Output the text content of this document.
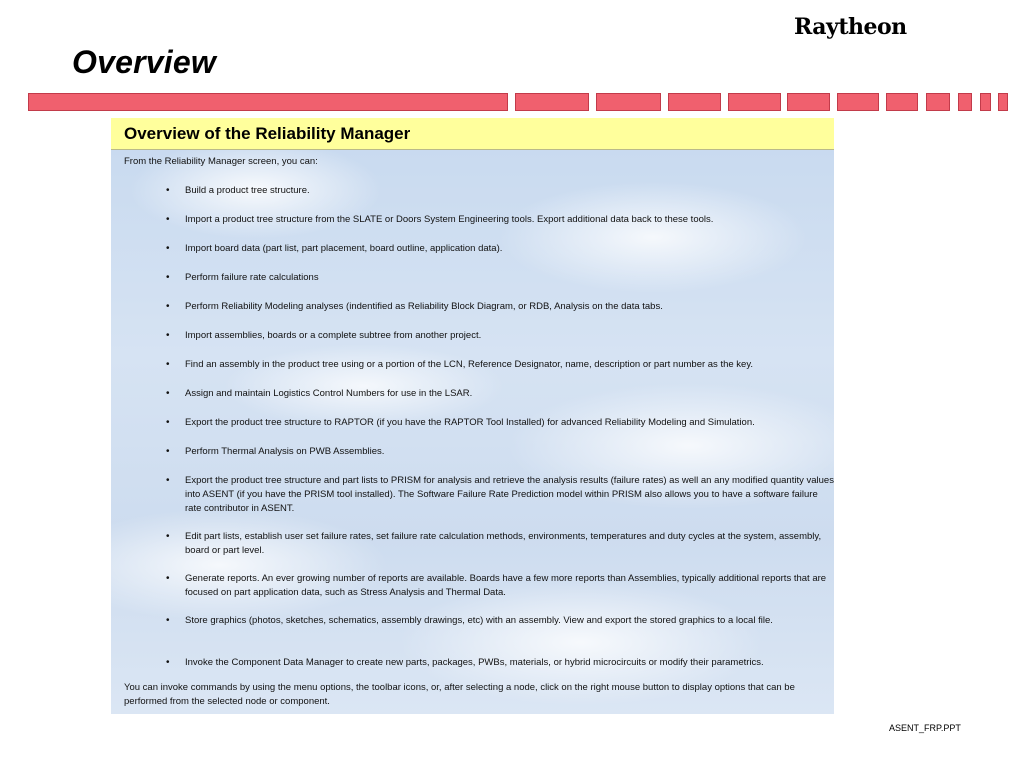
Overview
Raytheon
Overview of the Reliability Manager

From the Reliability Manager screen, you can:

• Build a product tree structure.
• Import a product tree structure from the SLATE or Doors System Engineering tools. Export additional data back to these tools.
• Import board data (part list, part placement, board outline, application data).
• Perform failure rate calculations
• Perform Reliability Modeling analyses (indentified as Reliability Block Diagram, or RDB, Analysis on the data tabs.
• Import assemblies, boards or a complete subtree from another project.
• Find an assembly in the product tree using or a portion of the LCN, Reference Designator, name, description or part number as the key.
• Assign and maintain Logistics Control Numbers for use in the LSAR.
• Export the product tree structure to RAPTOR (if you have the RAPTOR Tool Installed) for advanced Reliability Modeling and Simulation.
• Perform Thermal Analysis on PWB Assemblies.
• Export the product tree structure and part lists to PRISM for analysis and retrieve the analysis results (failure rates) as well an any modified quantity values into ASENT (if you have the PRISM tool installed). The Software Failure Rate Prediction model within PRISM also allows you to have a software failure rate contributor in ASENT.
• Edit part lists, establish user set failure rates, set failure rate calculation methods, environments, temperatures and duty cycles at the system, assembly, board or part level.
• Generate reports. An ever growing number of reports are available. Boards have a few more reports than Assemblies, typically additional reports that are focused on part application data, such as Stress Analysis and Thermal Data.
• Store graphics (photos, sketches, schematics, assembly drawings, etc) with an assembly. View and export the stored graphics to a local file.
• Invoke the Component Data Manager to create new parts, packages, PWBs, materials, or hybrid microcircuits or modify their parametrics.

You can invoke commands by using the menu options, the toolbar icons, or, after selecting a node, click on the right mouse button to display options that can be performed from the selected node or component.

ASENT_FRP.PPT
